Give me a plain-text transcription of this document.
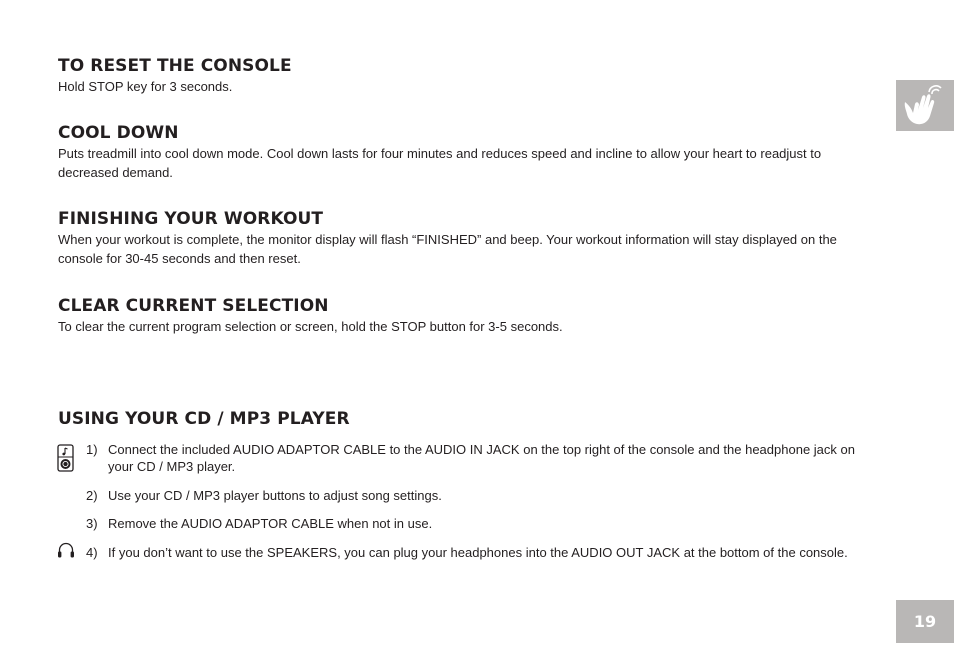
TO RESET THE CONSOLE

Hold STOP key for 3 seconds.

COOL DOWN

Puts treadmill into cool down mode. Cool down lasts for four minutes and reduces speed and incline to allow your heart to readjust to decreased demand.

FINISHING YOUR WORKOUT

When your workout is complete, the monitor display will flash “FINISHED” and beep. Your workout information will stay displayed on the console for 30-45 seconds and then reset.

CLEAR CURRENT SELECTION

To clear the current program selection or screen, hold the STOP button for 3-5 seconds.

USING YOUR CD / MP3 PLAYER
1) Connect the included AUDIO ADAPTOR CABLE to the AUDIO IN JACK on the top right of the console and the headphone jack on your CD / MP3 player.
2) Use your CD / MP3 player buttons to adjust song settings.
3) Remove the AUDIO ADAPTOR CABLE when not in use.
4) If you don’t want to use the SPEAKERS, you can plug your headphones into the AUDIO OUT JACK at the bottom of the console.
19
